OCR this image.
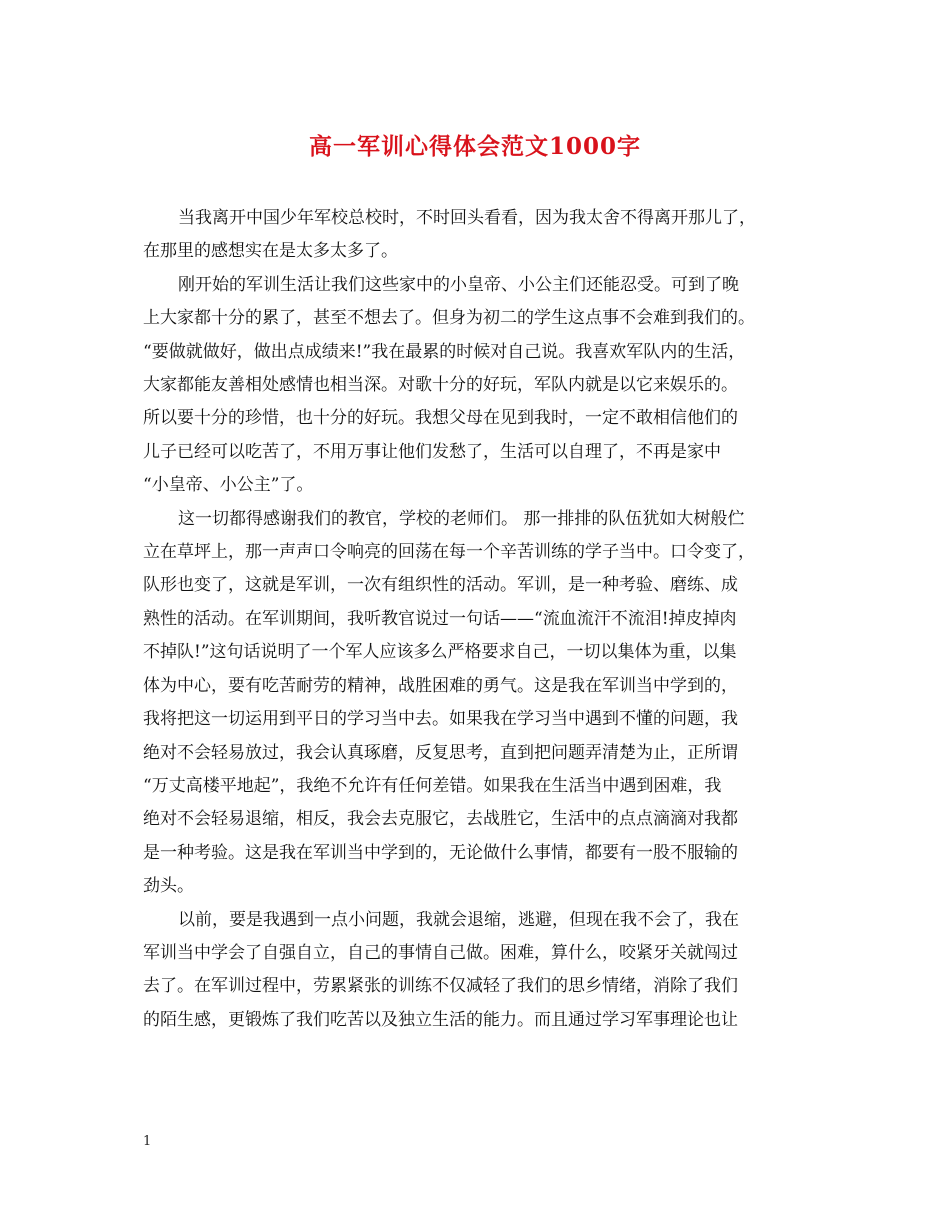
高一军训心得体会范文1000字
当我离开中国少年军校总校时，不时回头看看，因为我太舍不得离开那儿了，
在那里的感想实在是太多太多了。
刚开始的军训生活让我们这些家中的小皇帝、小公主们还能忍受。可到了晚
上大家都十分的累了，甚至不想去了。但身为初二的学生这点事不会难到我们的。
“要做就做好，做出点成绩来!”我在最累的时候对自己说。我喜欢军队内的生活，
大家都能友善相处感情也相当深。对歌十分的好玩，军队内就是以它来娱乐的。
所以要十分的珍惜，也十分的好玩。我想父母在见到我时，一定不敢相信他们的
儿子已经可以吃苦了，不用万事让他们发愁了，生活可以自理了，不再是家中
“小皇帝、小公主”了。
这一切都得感谢我们的教官，学校的老师们。 那一排排的队伍犹如大树般伫
立在草坪上，那一声声口令响亮的回荡在每一个辛苦训练的学子当中。口令变了，
队形也变了，这就是军训，一次有组织性的活动。军训，是一种考验、磨练、成
熟性的活动。在军训期间，我听教官说过一句话——“流血流汗不流泪!掉皮掉肉
不掉队!”这句话说明了一个军人应该多么严格要求自己，一切以集体为重，以集
体为中心，要有吃苦耐劳的精神，战胜困难的勇气。这是我在军训当中学到的，
我将把这一切运用到平日的学习当中去。如果我在学习当中遇到不懂的问题，我
绝对不会轻易放过，我会认真琢磨，反复思考，直到把问题弄清楚为止，正所谓
“万丈高楼平地起”，我绝不允许有任何差错。如果我在生活当中遇到困难，我
绝对不会轻易退缩，相反，我会去克服它，去战胜它，生活中的点点滴滴对我都
是一种考验。这是我在军训当中学到的，无论做什么事情，都要有一股不服输的
劲头。
以前，要是我遇到一点小问题，我就会退缩，逃避，但现在我不会了，我在
军训当中学会了自强自立，自己的事情自己做。困难，算什么，咬紧牙关就闯过
去了。在军训过程中，劳累紧张的训练不仅减轻了我们的思乡情绪，消除了我们
的陌生感，更锻炼了我们吃苦以及独立生活的能力。而且通过学习军事理论也让
1
